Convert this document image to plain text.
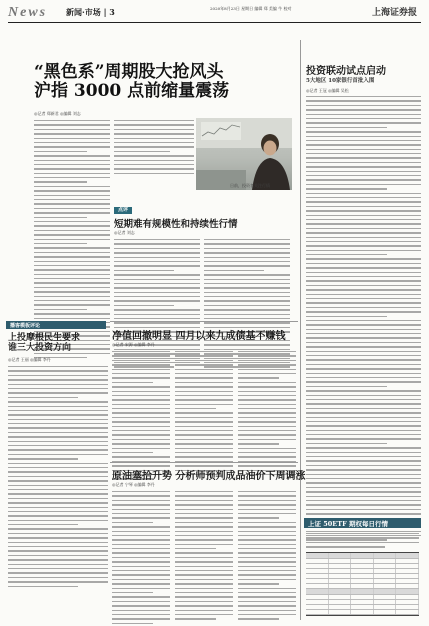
News 新闻·市场 | 3	2020年8月23日 星期日 编辑 郑 美编 牛 校对	上海证券报
“黑色系”周期股大抢风头
沪指 3000 点前缩量震荡
◎记者 郑新君 ◎编辑 刘志
日前，投资者关注行情
点评
短期难有规模性和持续性行情
◎记者 刘志
投资联动试点启动
5大地区 10家银行首批入围
◎记者 王冠 ◎编辑 吴松
上证 50ETF 期权每日行情
播客模板评论
上投摩根民生要求
谁三大投资方向
◎记者 王丽 ◎编辑 李丹
净值回撤明显 四月以来九成债基不赚钱
◎记者 宋源 ◎编辑 李丹
原油塞拾升势 分析师预判成品油价下周调涨
◎记者 宁琴 ◎编辑 李丹
